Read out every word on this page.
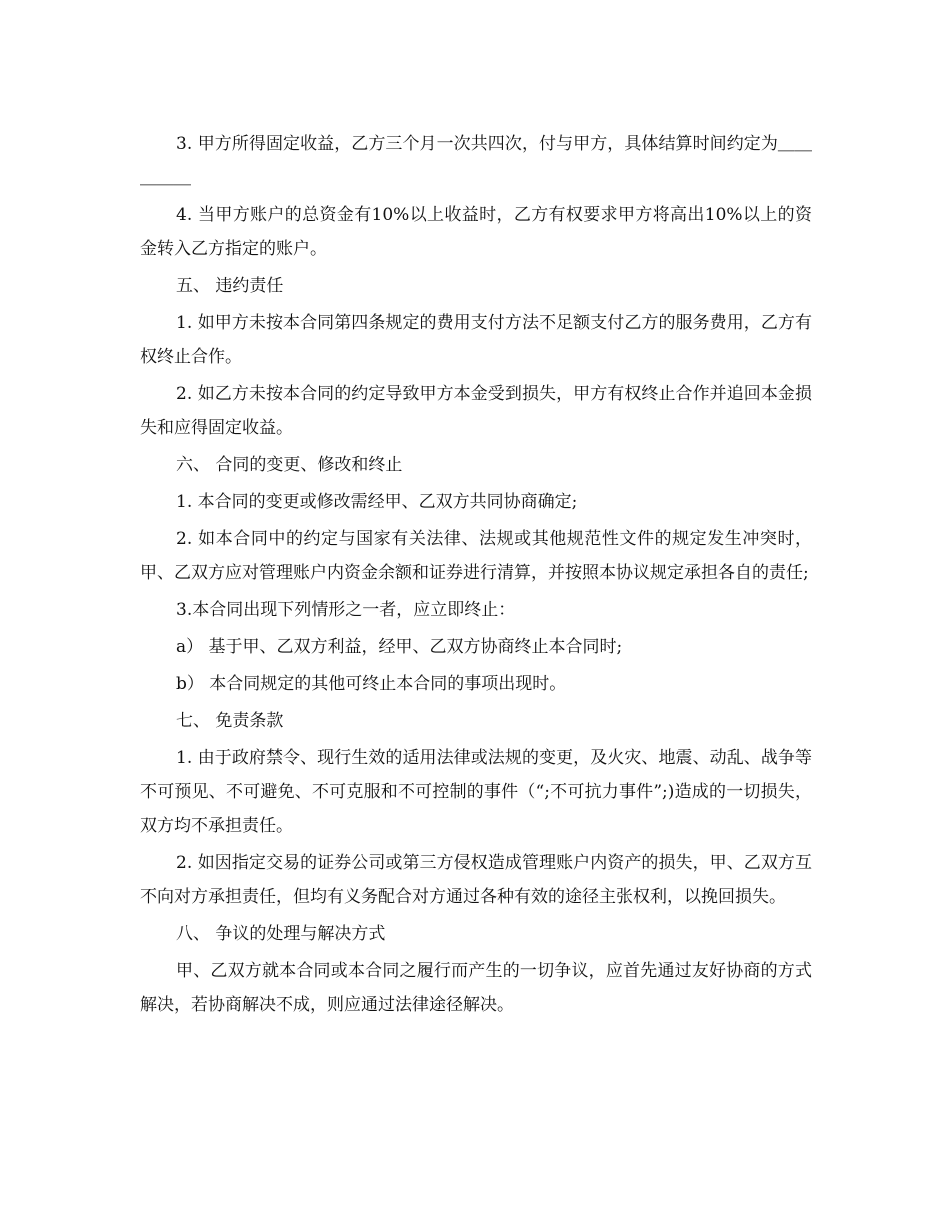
3. 甲方所得固定收益，乙方三个月一次共四次，付与甲方，具体结算时间约定为＿＿＿＿＿

4. 当甲方账户的总资金有10%以上收益时，乙方有权要求甲方将高出10%以上的资金转入乙方指定的账户。

五、 违约责任

1. 如甲方未按本合同第四条规定的费用支付方法不足额支付乙方的服务费用，乙方有权终止合作。

2. 如乙方未按本合同的约定导致甲方本金受到损失，甲方有权终止合作并追回本金损失和应得固定收益。

六、 合同的变更、修改和终止

1. 本合同的变更或修改需经甲、乙双方共同协商确定;

2. 如本合同中的约定与国家有关法律、法规或其他规范性文件的规定发生冲突时，甲、乙双方应对管理账户内资金余额和证券进行清算，并按照本协议规定承担各自的责任;

3.本合同出现下列情形之一者，应立即终止：

a） 基于甲、乙双方利益，经甲、乙双方协商终止本合同时;

b） 本合同规定的其他可终止本合同的事项出现时。

七、 免责条款

1. 由于政府禁令、现行生效的适用法律或法规的变更，及火灾、地震、动乱、战争等不可预见、不可避免、不可克服和不可控制的事件（“;不可抗力事件”;)造成的一切损失，双方均不承担责任。

2. 如因指定交易的证券公司或第三方侵权造成管理账户内资产的损失，甲、乙双方互不向对方承担责任，但均有义务配合对方通过各种有效的途径主张权利，以挽回损失。

八、 争议的处理与解决方式

甲、乙双方就本合同或本合同之履行而产生的一切争议，应首先通过友好协商的方式解决，若协商解决不成，则应通过法律途径解决。
